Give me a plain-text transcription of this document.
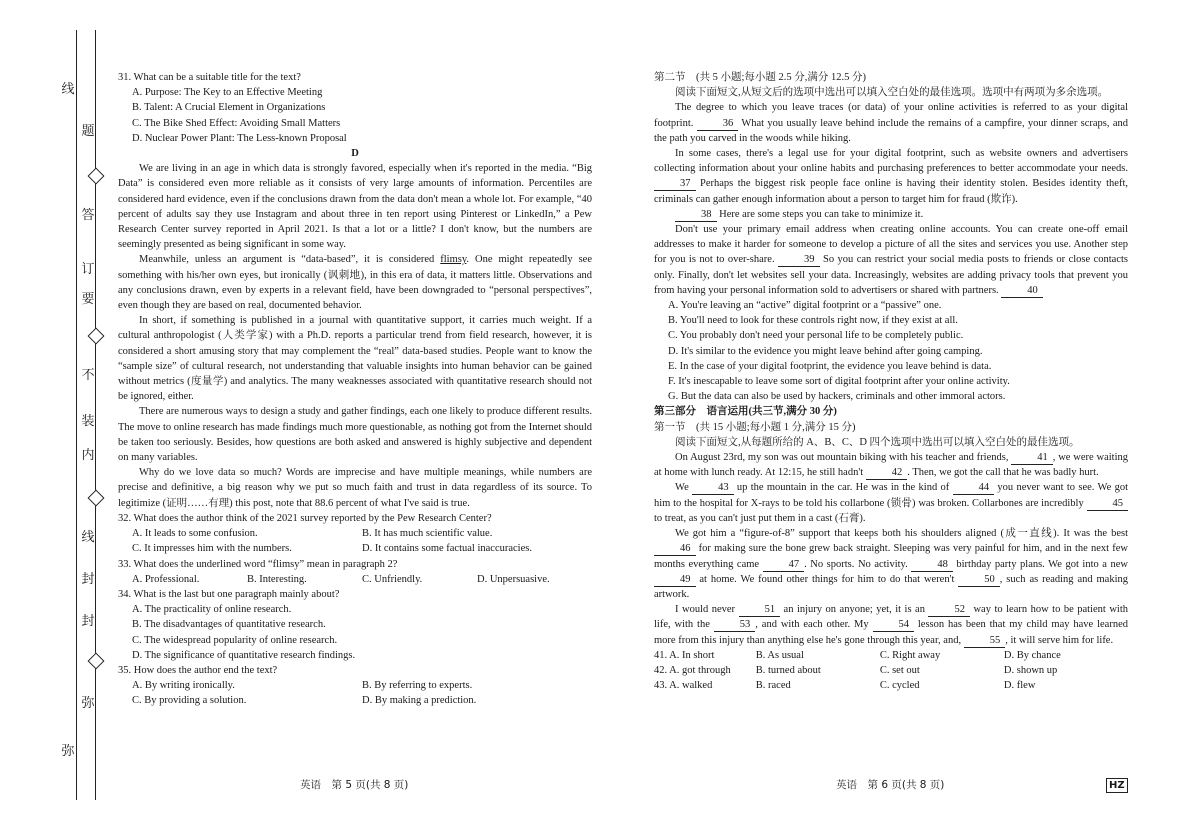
线
题
答
订
要
不
装
内
线
封
封
弥
弥

31. What can be a suitable title for the text?

A. Purpose: The Key to an Effective Meeting

B. Talent: A Crucial Element in Organizations

C. The Bike Shed Effect: Avoiding Small Matters

D. Nuclear Power Plant: The Less-known Proposal

D

We are living in an age in which data is strongly favored, especially when it's reported in the media. “Big Data” is considered even more reliable as it consists of very large amounts of information. Percentiles are considered hard evidence, even if the conclusions drawn from the data don't mean a whole lot. For example, “40 percent of adults say they use Instagram and about three in ten report using Pinterest or LinkedIn,” a Pew Research Center survey reported in April 2021. Is that a lot or a little? I don't know, but the numbers are seemingly presented as being significant in some way.

Meanwhile, unless an argument is “data-based”, it is considered flimsy. One might repeatedly see something with his/her own eyes, but ironically (讽刺地), in this era of data, it matters little. Observations and any conclusions drawn, even by experts in a relevant field, have been downgraded to “personal perspectives”, even though they are based on real, documented behavior.

In short, if something is published in a journal with quantitative support, it carries much weight. If a cultural anthropologist (人类学家) with a Ph.D. reports a particular trend from field research, however, it is considered a short amusing story that may complement the “real” data-based studies. People want to know the “sample size” of cultural research, not understanding that valuable insights into human behavior can be gained without metrics (度量学) and analytics. The many weaknesses associated with quantitative research should not be ignored, either.

There are numerous ways to design a study and gather findings, each one likely to produce different results. The move to online research has made findings much more questionable, as nothing got from the Internet should be taken too seriously. Besides, how questions are both asked and answered is highly subjective and dependent on many variables.

Why do we love data so much? Words are imprecise and have multiple meanings, while numbers are precise and definitive, a big reason why we put so much faith and trust in data regardless of its source. To legitimize (证明……有理) this post, note that 88.6 percent of what I've said is true.

32. What does the author think of the 2021 survey reported by the Pew Research Center?

A. It leads to some confusion.	B. It has much scientific value.
C. It impresses him with the numbers.	D. It contains some factual inaccuracies.

33. What does the underlined word “flimsy” mean in paragraph 2?

A. Professional.	B. Interesting.	C. Unfriendly.	D. Unpersuasive.

34. What is the last but one paragraph mainly about?

A. The practicality of online research.

B. The disadvantages of quantitative research.

C. The widespread popularity of online research.

D. The significance of quantitative research findings.

35. How does the author end the text?

A. By writing ironically.	B. By referring to experts.
C. By providing a solution.	D. By making a prediction.

第二节　(共 5 小题;每小题 2.5 分,满分 12.5 分)

阅读下面短文,从短文后的选项中选出可以填入空白处的最佳选项。选项中有两项为多余选项。

The degree to which you leave traces (or data) of your online activities is referred to as your digital footprint. 36 What you usually leave behind include the remains of a campfire, your dinner scraps, and the path you carved in the woods while hiking.

In some cases, there's a legal use for your digital footprint, such as website owners and advertisers collecting information about your online habits and purchasing preferences to better accommodate your needs. 37 Perhaps the biggest risk people face online is having their identity stolen. Besides identity theft, criminals can gather enough information about a person to target him for fraud (欺诈).

38 Here are some steps you can take to minimize it.

Don't use your primary email address when creating online accounts. You can create one-off email addresses to make it harder for someone to develop a picture of all the sites and services you use. Another step for you is not to over-share. 39 So you can restrict your social media posts to friends or close contacts only. Finally, don't let websites sell your data. Increasingly, websites are adding privacy tools that prevent you from having your personal information sold to advertisers or shared with partners. 40

A. You're leaving an “active” digital footprint or a “passive” one.

B. You'll need to look for these controls right now, if they exist at all.

C. You probably don't need your personal life to be completely public.

D. It's similar to the evidence you might leave behind after going camping.

E. In the case of your digital footprint, the evidence you leave behind is data.

F. It's inescapable to leave some sort of digital footprint after your online activity.

G. But the data can also be used by hackers, criminals and other immoral actors.

第三部分　语言运用(共三节,满分 30 分)

第一节　(共 15 小题;每小题 1 分,满分 15 分)

阅读下面短文,从每题所给的 A、B、C、D 四个选项中选出可以填入空白处的最佳选项。

On August 23rd, my son was out mountain biking with his teacher and friends, 41 , we were waiting at home with lunch ready. At 12:15, he still hadn't 42 . Then, we got the call that he was badly hurt.

We 43 up the mountain in the car. He was in the kind of 44 you never want to see. We got him to the hospital for X-rays to be told his collarbone (锁骨) was broken. Collarbones are incredibly 45 to treat, as you can't just put them in a cast (石膏).

We got him a “figure-of-8” support that keeps both his shoulders aligned (成一直线). It was the best 46 for making sure the bone grew back straight. Sleeping was very painful for him, and in the next few months everything came 47 . No sports. No activity. 48 birthday party plans. We got into a new 49 at home. We found other things for him to do that weren't 50 , such as reading and making artwork.

I would never 51 an injury on anyone; yet, it is an 52 way to learn how to be patient with life, with the 53 , and with each other. My 54 lesson has been that my child may have learned more from this injury than anything else he's gone through this year, and, 55 , it will serve him for life.

41. A. In short	B. As usual	C. Right away	D. By chance
42. A. got through	B. turned about	C. set out	D. shown up
43. A. walked	B. raced	C. cycled	D. flew
英语　第 5 页(共 8 页)	英语　第 6 页(共 8 页)	HZ
